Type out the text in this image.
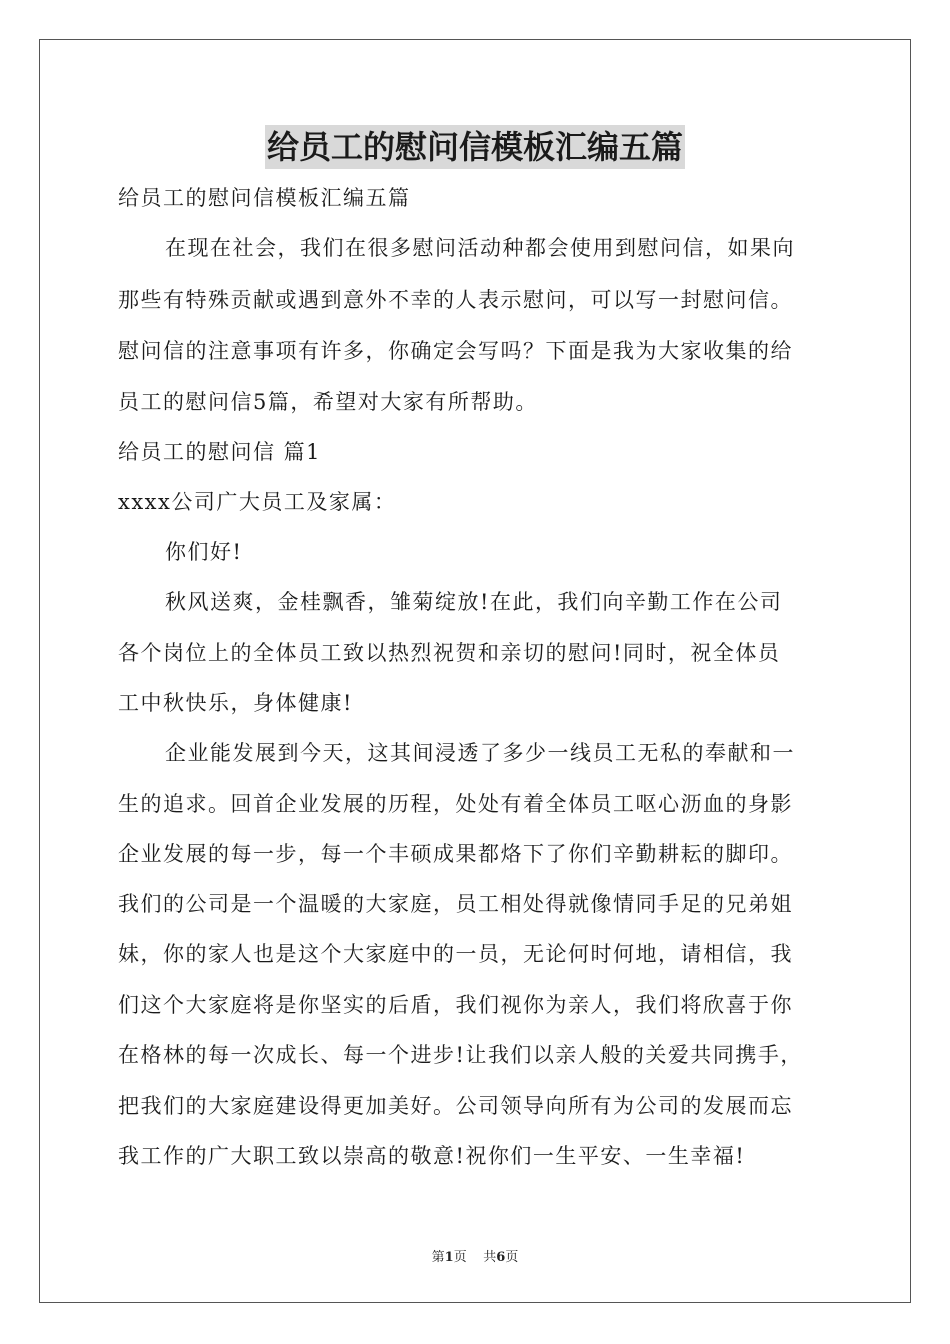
给员工的慰问信模板汇编五篇
给员工的慰问信模板汇编五篇
在现在社会，我们在很多慰问活动种都会使用到慰问信，如果向
那些有特殊贡献或遇到意外不幸的人表示慰问，可以写一封慰问信。
慰问信的注意事项有许多，你确定会写吗？下面是我为大家收集的给
员工的慰问信5篇，希望对大家有所帮助。
给员工的慰问信 篇1
xxxx公司广大员工及家属：
你们好!
秋风送爽，金桂飘香，雏菊绽放!在此，我们向辛勤工作在公司
各个岗位上的全体员工致以热烈祝贺和亲切的慰问!同时，祝全体员
工中秋快乐，身体健康!
企业能发展到今天，这其间浸透了多少一线员工无私的奉献和一
生的追求。回首企业发展的历程，处处有着全体员工呕心沥血的身影
企业发展的每一步，每一个丰硕成果都烙下了你们辛勤耕耘的脚印。
我们的公司是一个温暖的大家庭，员工相处得就像情同手足的兄弟姐
妹，你的家人也是这个大家庭中的一员，无论何时何地，请相信，我
们这个大家庭将是你坚实的后盾，我们视你为亲人，我们将欣喜于你
在格林的每一次成长、每一个进步!让我们以亲人般的关爱共同携手，
把我们的大家庭建设得更加美好。公司领导向所有为公司的发展而忘
我工作的广大职工致以崇高的敬意!祝你们一生平安、一生幸福!
第1页 共6页
